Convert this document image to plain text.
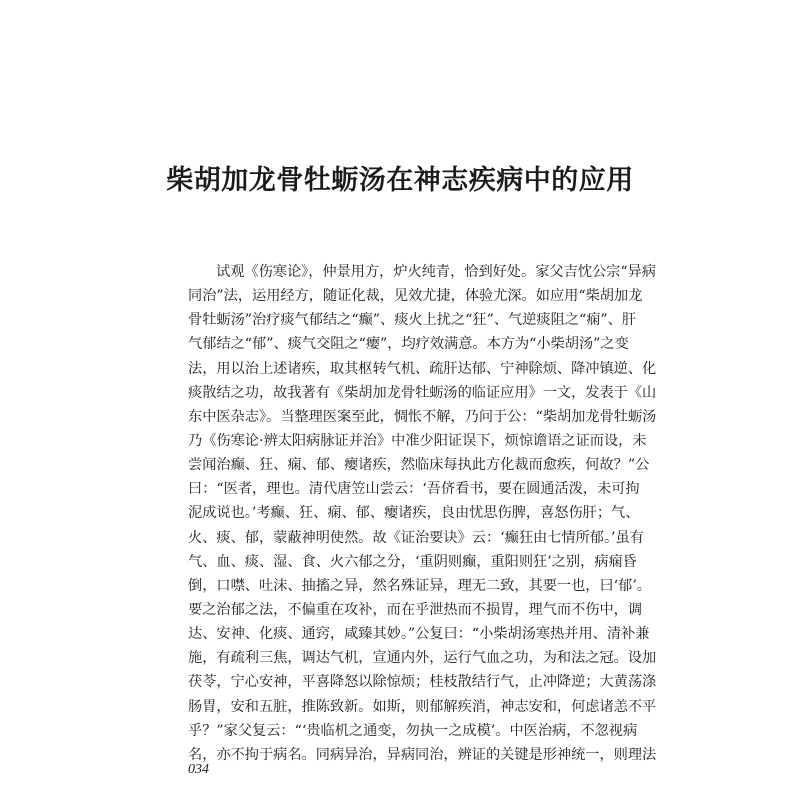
柴胡加龙骨牡蛎汤在神志疾病中的应用
试观《伤寒论》，仲景用方，炉火纯青，恰到好处。家父吉忱公宗“异病
同治”法，运用经方，随证化裁，见效尤捷，体验尤深。如应用“柴胡加龙
骨牡蛎汤”治疗痰气郁结之“癫”、痰火上扰之“狂”、气逆痰阻之“痫”、肝
气郁结之“郁”、痰气交阻之“瘿”，均疗效满意。本方为“小柴胡汤”之变
法，用以治上述诸疾，取其枢转气机、疏肝达郁、宁神除烦、降冲镇逆、化
痰散结之功，故我著有《柴胡加龙骨牡蛎汤的临证应用》一文，发表于《山
东中医杂志》。当整理医案至此，惆怅不解，乃问于公：“柴胡加龙骨牡蛎汤
乃《伤寒论·辨太阳病脉证并治》中准少阳证误下，烦惊谵语之证而设，未
尝闻治癫、狂、痫、郁、瘿诸疾，然临床每执此方化裁而愈疾，何故？”公
曰：“医者，理也。清代唐笠山尝云：‘吾侪看书，要在圆通活泼，未可拘
泥成说也。’考癫、狂、痫、郁、瘿诸疾，良由忧思伤脾，喜怒伤肝；气、
火、痰、郁，蒙蔽神明使然。故《证治要诀》云：‘癫狂由七情所郁。’虽有
气、血、痰、湿、食、火六郁之分，‘重阴则癫，重阳则狂’之别，病痫昏
倒，口噤、吐沫、抽搐之异，然名殊证异，理无二致，其要一也，曰‘郁’。
要之治郁之法，不偏重在攻补，而在乎泄热而不损胃，理气而不伤中，调
达、安神、化痰、通窍，咸臻其妙。”公复曰：“小柴胡汤寒热并用、清补兼
施，有疏利三焦，调达气机，宣通内外，运行气血之功，为和法之冠。设加
茯苓，宁心安神，平喜降怒以除惊烦；桂枝散结行气，止冲降逆；大黄荡涤
肠胃，安和五脏，推陈致新。如斯，则郁解疾消，神志安和，何虑诸恙不平
乎？”家父复云：“‘贵临机之通变，勿执一之成模’。中医治病，不忽视病
名，亦不拘于病名。同病异治，异病同治，辨证的关键是形神统一，则理法

034
